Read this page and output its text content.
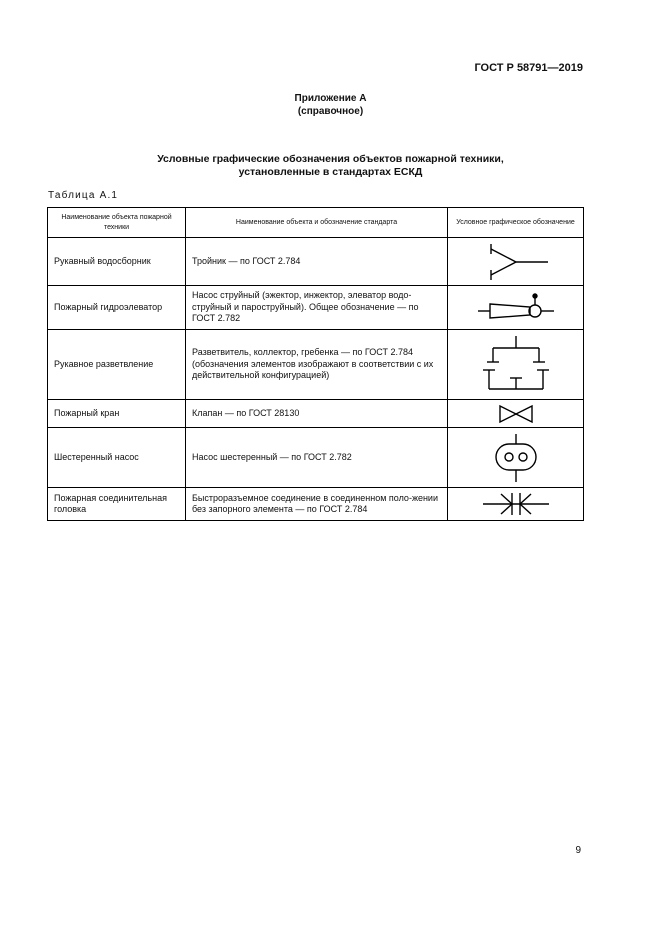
ГОСТ Р 58791—2019
Приложение А
(справочное)
Условные графические обозначения объектов пожарной техники,
установленные в стандартах ЕСКД
Таблица А.1
Наименование объекта пожарной техники	Наименование объекта и обозначение стандарта	Условное графическое обозначение
Рукавный водосборник	Тройник — по ГОСТ 2.784	

Пожарный гидроэлеватор	Насос струйный (эжектор, инжектор, элеватор водо-струйный и пароструйный). Общее обозначение — по ГОСТ 2.782	

Рукавное разветвление	Разветвитель, коллектор, гребенка — по ГОСТ 2.784 (обозначения элементов изображают в соответствии с их действительной конфигурацией)	

Пожарный кран	Клапан — по ГОСТ 28130	

Шестеренный насос	Насос шестеренный — по ГОСТ 2.782	

Пожарная соединительная головка	Быстроразъемное соединение в соединенном поло-жении без запорного элемента — по ГОСТ 2.784	
9
